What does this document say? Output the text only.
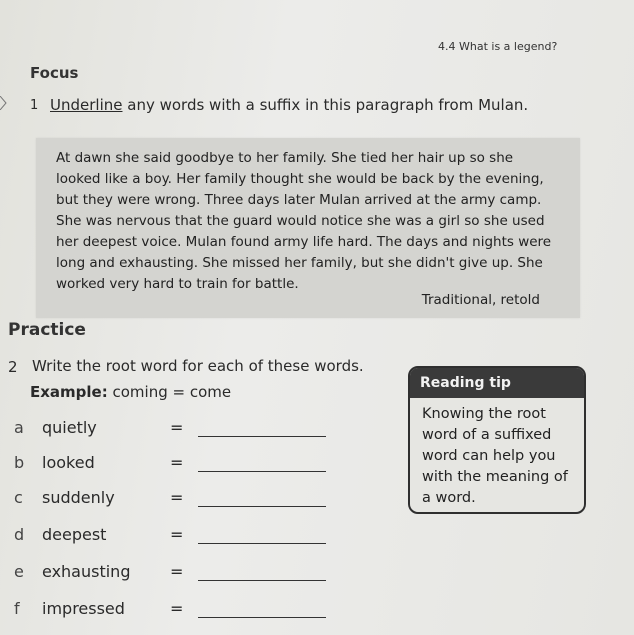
4.4 What is a legend?
Focus
1 Underline any words with a suffix in this paragraph from Mulan.
At dawn she said goodbye to her family. She tied her hair up so she looked like a boy. Her family thought she would be back by the evening, but they were wrong. Three days later Mulan arrived at the army camp. She was nervous that the guard would notice she was a girl so she used her deepest voice. Mulan found army life hard. The days and nights were long and exhausting. She missed her family, but she didn't give up. She worked very hard to train for battle.
Traditional, retold
Practice
2 Write the root word for each of these words.
Example: coming = come
a quietly	=
b looked	=
c suddenly	=
d deepest	=
e exhausting =
f impressed	=
Reading tip
Knowing the root word of a suffixed word can help you with the meaning of a word.
